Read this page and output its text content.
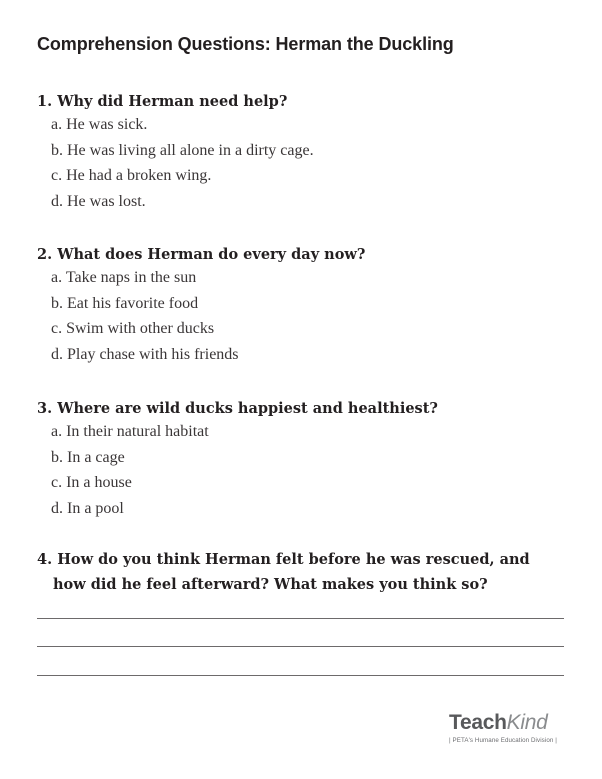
Comprehension Questions: Herman the Duckling

1. Why did Herman need help?

a. He was sick.
b. He was living all alone in a dirty cage.
c. He had a broken wing.
d. He was lost.

2. What does Herman do every day now?

a. Take naps in the sun
b. Eat his favorite food
c. Swim with other ducks
d. Play chase with his friends

3. Where are wild ducks happiest and healthiest?

a. In their natural habitat
b. In a cage
c. In a house
d. In a pool

4. How do you think Herman felt before he was rescued, and
how did he feel afterward? What makes you think so?

TeachKind
| PETA's Humane Education Division |
